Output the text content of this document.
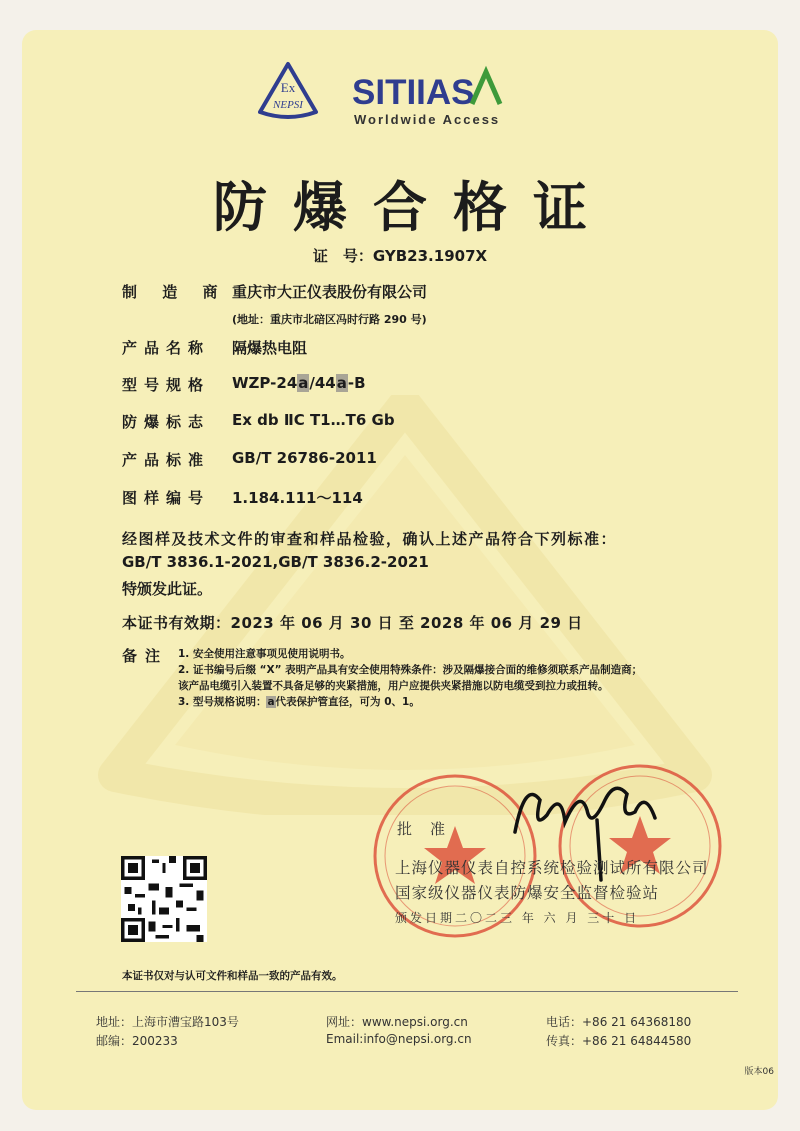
Ex
NEPSI SITIIAS
Worldwide Access
防爆合格证
证　号：GYB23.1907X
制 造 商 重庆市大正仪表股份有限公司
(地址：重庆市北碚区冯时行路 290 号)
产品名称 隔爆热电阻
型号规格 WZP-24a/44a-B
防爆标志 Ex db ⅡC T1…T6 Gb
产品标准 GB/T 26786-2011
图样编号 1.184.111～114
经图样及技术文件的审查和样品检验，确认上述产品符合下列标准：
GB/T 3836.1-2021,GB/T 3836.2-2021
特颁发此证。
本证书有效期：2023 年 06 月 30 日 至 2028 年 06 月 29 日
备注 1. 安全使用注意事项见使用说明书。
2. 证书编号后缀 “X” 表明产品具有安全使用特殊条件：涉及隔爆接合面的维修须联系产品制造商；
该产品电缆引入装置不具备足够的夹紧措施，用户应提供夹紧措施以防电缆受到拉力或扭转。
3. 型号规格说明：a代表保护管直径，可为 0、1。
批准
上海仪器仪表自控系统检验测试所有限公司
国家级仪器仪表防爆安全监督检验站
颁发日期二〇二三 年 六 月 三十 日
本证书仅对与认可文件和样品一致的产品有效。
地址：上海市漕宝路103号
邮编：200233
网址：www.nepsi.org.cn
Email:info@nepsi.org.cn
电话：+86 21 64368180
传真：+86 21 64844580
版本06
